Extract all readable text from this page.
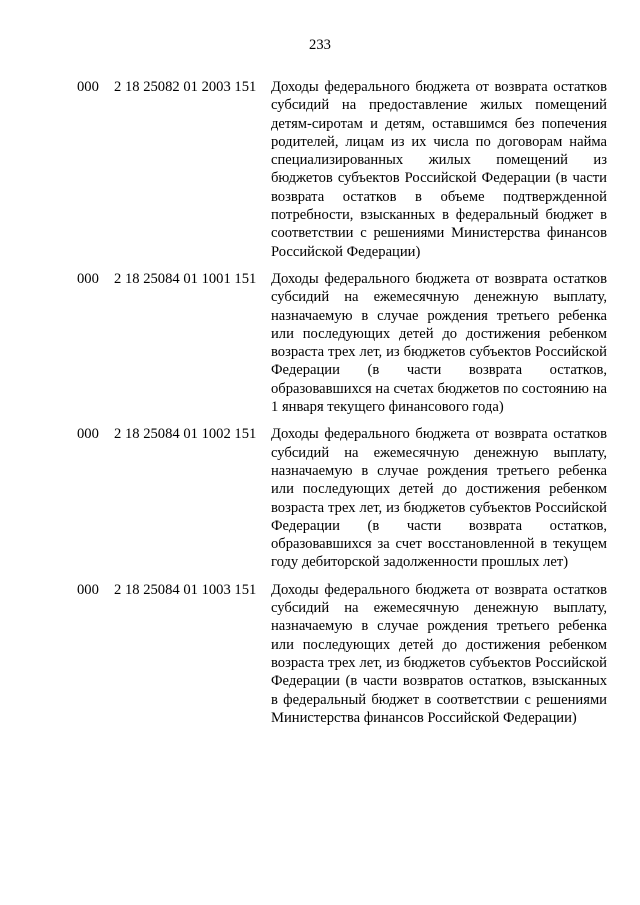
233
000 2 18 25082 01 2003 151 Доходы федерального бюджета от возврата остатков субсидий на предоставление жилых помещений детям-сиротам и детям, оставшимся без попечения родителей, лицам из их числа по договорам найма специализированных жилых помещений из бюджетов субъектов Российской Федерации (в части возврата остатков в объеме подтвержденной потребности, взысканных в федеральный бюджет в соответствии с решениями Министерства финансов Российской Федерации)
000 2 18 25084 01 1001 151 Доходы федерального бюджета от возврата остатков субсидий на ежемесячную денежную выплату, назначаемую в случае рождения третьего ребенка или последующих детей до достижения ребенком возраста трех лет, из бюджетов субъектов Российской Федерации (в части возврата остатков, образовавшихся на счетах бюджетов по состоянию на 1 января текущего финансового года)
000 2 18 25084 01 1002 151 Доходы федерального бюджета от возврата остатков субсидий на ежемесячную денежную выплату, назначаемую в случае рождения третьего ребенка или последующих детей до достижения ребенком возраста трех лет, из бюджетов субъектов Российской Федерации (в части возврата остатков, образовавшихся за счет восстановленной в текущем году дебиторской задолженности прошлых лет)
000 2 18 25084 01 1003 151 Доходы федерального бюджета от возврата остатков субсидий на ежемесячную денежную выплату, назначаемую в случае рождения третьего ребенка или последующих детей до достижения ребенком возраста трех лет, из бюджетов субъектов Российской Федерации (в части возвратов остатков, взысканных в федеральный бюджет в соответствии с решениями Министерства финансов Российской Федерации)
